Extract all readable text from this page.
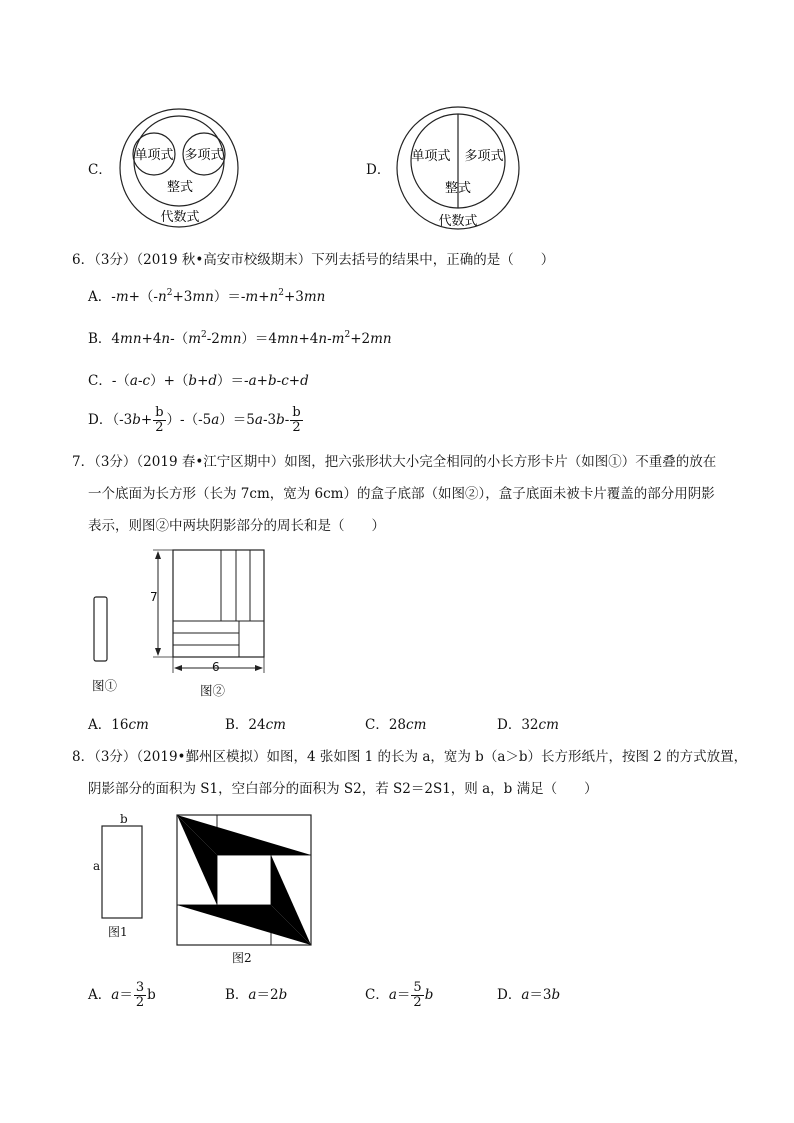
C．
单项式 多项式
整式
代数式
D．
单项式 多项式
整式
代数式
6．（3分）（2019 秋•高安市校级期末）下列去括号的结果中，正确的是（　　）
A．$-m+(-n^2+3mn)=-m+n^2+3mn$
B．$4mn+4n-(m^2-2mn)=4mn+4n-m^2+2mn$
C．-（a-c）+（b+d）＝-a+b-c+d
D．$(-3b+ \frac{b}{2} )-(-5a)=5a-3b- \frac{b}{2}$
7．（3分）（2019 春•江宁区期中）如图，把六张形状大小完全相同的小长方形卡片（如图①）不重叠的放在
一个底面为长方形（长为 7cm，宽为 6cm）的盒子底部（如图②），盒子底面未被卡片覆盖的部分用阴影
表示，则图②中两块阴影部分的周长和是（　　）
图①
7
6
图②
A．16cm	B．24cm	C．28cm	D．32cm
8．（3分）（2019•鄞州区模拟）如图，4 张如图 1 的长为 a，宽为 b（a＞b）长方形纸片，按图 2 的方式放置，
阴影部分的面积为 S1，空白部分的面积为 S2，若 S2＝2S1，则 a，b 满足（　　）
b
a
图1
图2
A．$a= \frac{3}{2}$ b	B．a＝2b	C．$a= \frac{5}{2}$ b	D．a＝3b
